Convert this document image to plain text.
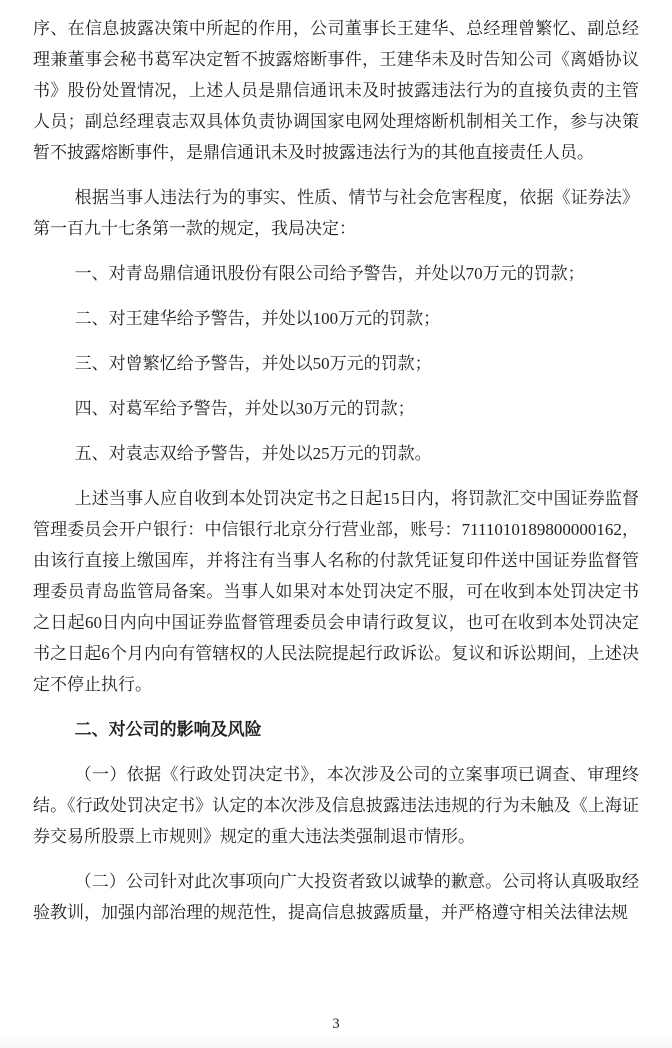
序、在信息披露决策中所起的作用，公司董事长王建华、总经理曾繁忆、副总经理兼董事会秘书葛军决定暂不披露熔断事件，王建华未及时告知公司《离婚协议书》股份处置情况，上述人员是鼎信通讯未及时披露违法行为的直接负责的主管人员；副总经理袁志双具体负责协调国家电网处理熔断机制相关工作，参与决策暂不披露熔断事件，是鼎信通讯未及时披露违法行为的其他直接责任人员。

根据当事人违法行为的事实、性质、情节与社会危害程度，依据《证券法》第一百九十七条第一款的规定，我局决定：

一、对青岛鼎信通讯股份有限公司给予警告，并处以70万元的罚款；

二、对王建华给予警告，并处以100万元的罚款；

三、对曾繁忆给予警告，并处以50万元的罚款；

四、对葛军给予警告，并处以30万元的罚款；

五、对袁志双给予警告，并处以25万元的罚款。

上述当事人应自收到本处罚决定书之日起15日内，将罚款汇交中国证券监督管理委员会开户银行：中信银行北京分行营业部，账号：7111010189800000162，由该行直接上缴国库，并将注有当事人名称的付款凭证复印件送中国证券监督管理委员青岛监管局备案。当事人如果对本处罚决定不服，可在收到本处罚决定书之日起60日内向中国证券监督管理委员会申请行政复议，也可在收到本处罚决定书之日起6个月内向有管辖权的人民法院提起行政诉讼。复议和诉讼期间，上述决定不停止执行。

二、对公司的影响及风险

（一）依据《行政处罚决定书》，本次涉及公司的立案事项已调查、审理终结。《行政处罚决定书》认定的本次涉及信息披露违法违规的行为未触及《上海证券交易所股票上市规则》规定的重大违法类强制退市情形。

（二）公司针对此次事项向广大投资者致以诚挚的歉意。公司将认真吸取经验教训，加强内部治理的规范性，提高信息披露质量，并严格遵守相关法律法规

3
